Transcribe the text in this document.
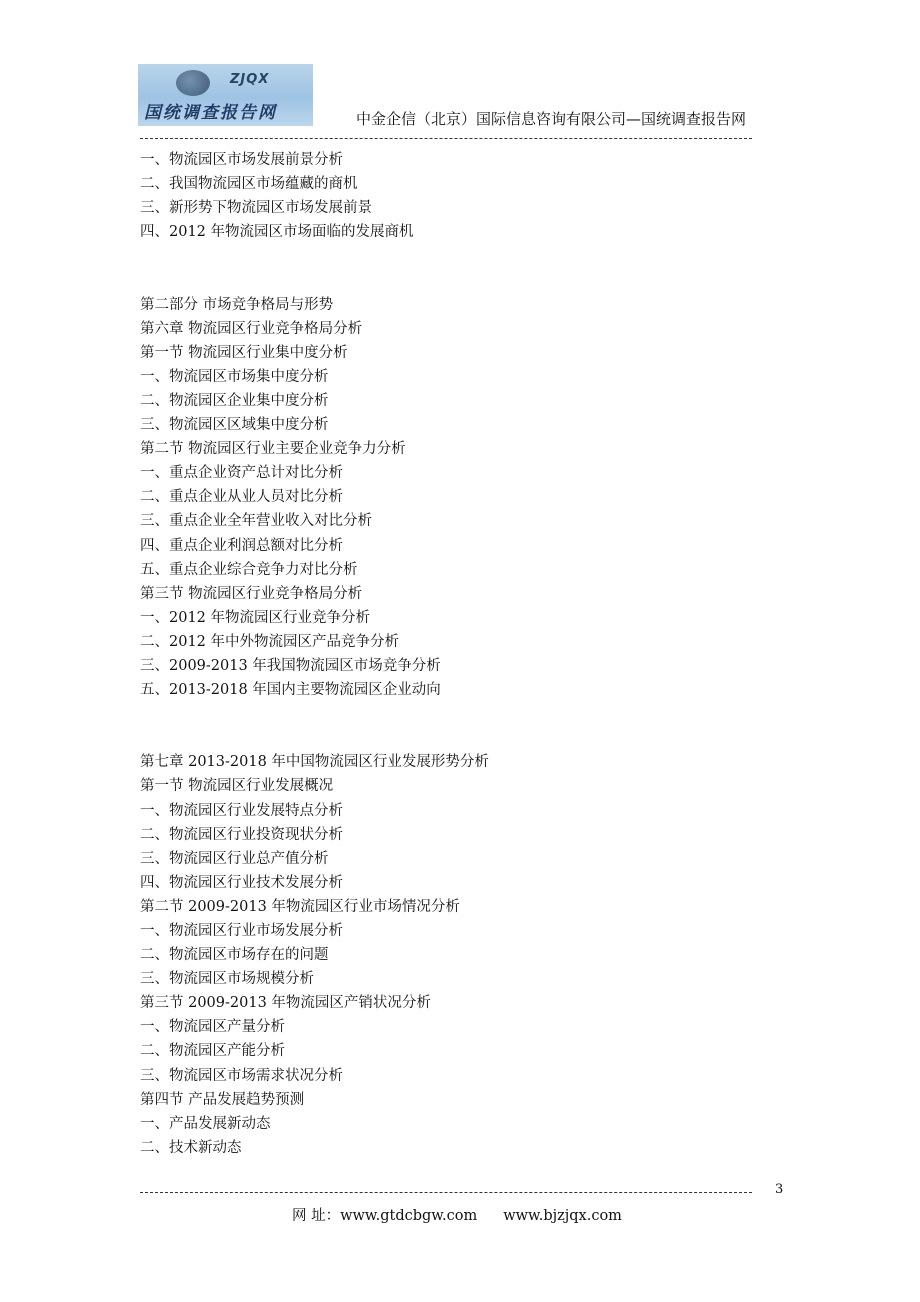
ZJQX
国统调查报告网	中金企信（北京）国际信息咨询有限公司—国统调查报告网
一、物流园区市场发展前景分析
二、我国物流园区市场蕴藏的商机
三、新形势下物流园区市场发展前景
四、2012 年物流园区市场面临的发展商机
第二部分 市场竞争格局与形势
第六章 物流园区行业竞争格局分析
第一节 物流园区行业集中度分析
一、物流园区市场集中度分析
二、物流园区企业集中度分析
三、物流园区区域集中度分析
第二节 物流园区行业主要企业竞争力分析
一、重点企业资产总计对比分析
二、重点企业从业人员对比分析
三、重点企业全年营业收入对比分析
四、重点企业利润总额对比分析
五、重点企业综合竞争力对比分析
第三节 物流园区行业竞争格局分析
一、2012 年物流园区行业竞争分析
二、2012 年中外物流园区产品竞争分析
三、2009-2013 年我国物流园区市场竞争分析
五、2013-2018 年国内主要物流园区企业动向
第七章 2013-2018 年中国物流园区行业发展形势分析
第一节 物流园区行业发展概况
一、物流园区行业发展特点分析
二、物流园区行业投资现状分析
三、物流园区行业总产值分析
四、物流园区行业技术发展分析
第二节 2009-2013 年物流园区行业市场情况分析
一、物流园区行业市场发展分析
二、物流园区市场存在的问题
三、物流园区市场规模分析
第三节 2009-2013 年物流园区产销状况分析
一、物流园区产量分析
二、物流园区产能分析
三、物流园区市场需求状况分析
第四节 产品发展趋势预测
一、产品发展新动态
二、技术新动态
3
网 址：www.gtdcbgw.com www.bjzjqx.com
